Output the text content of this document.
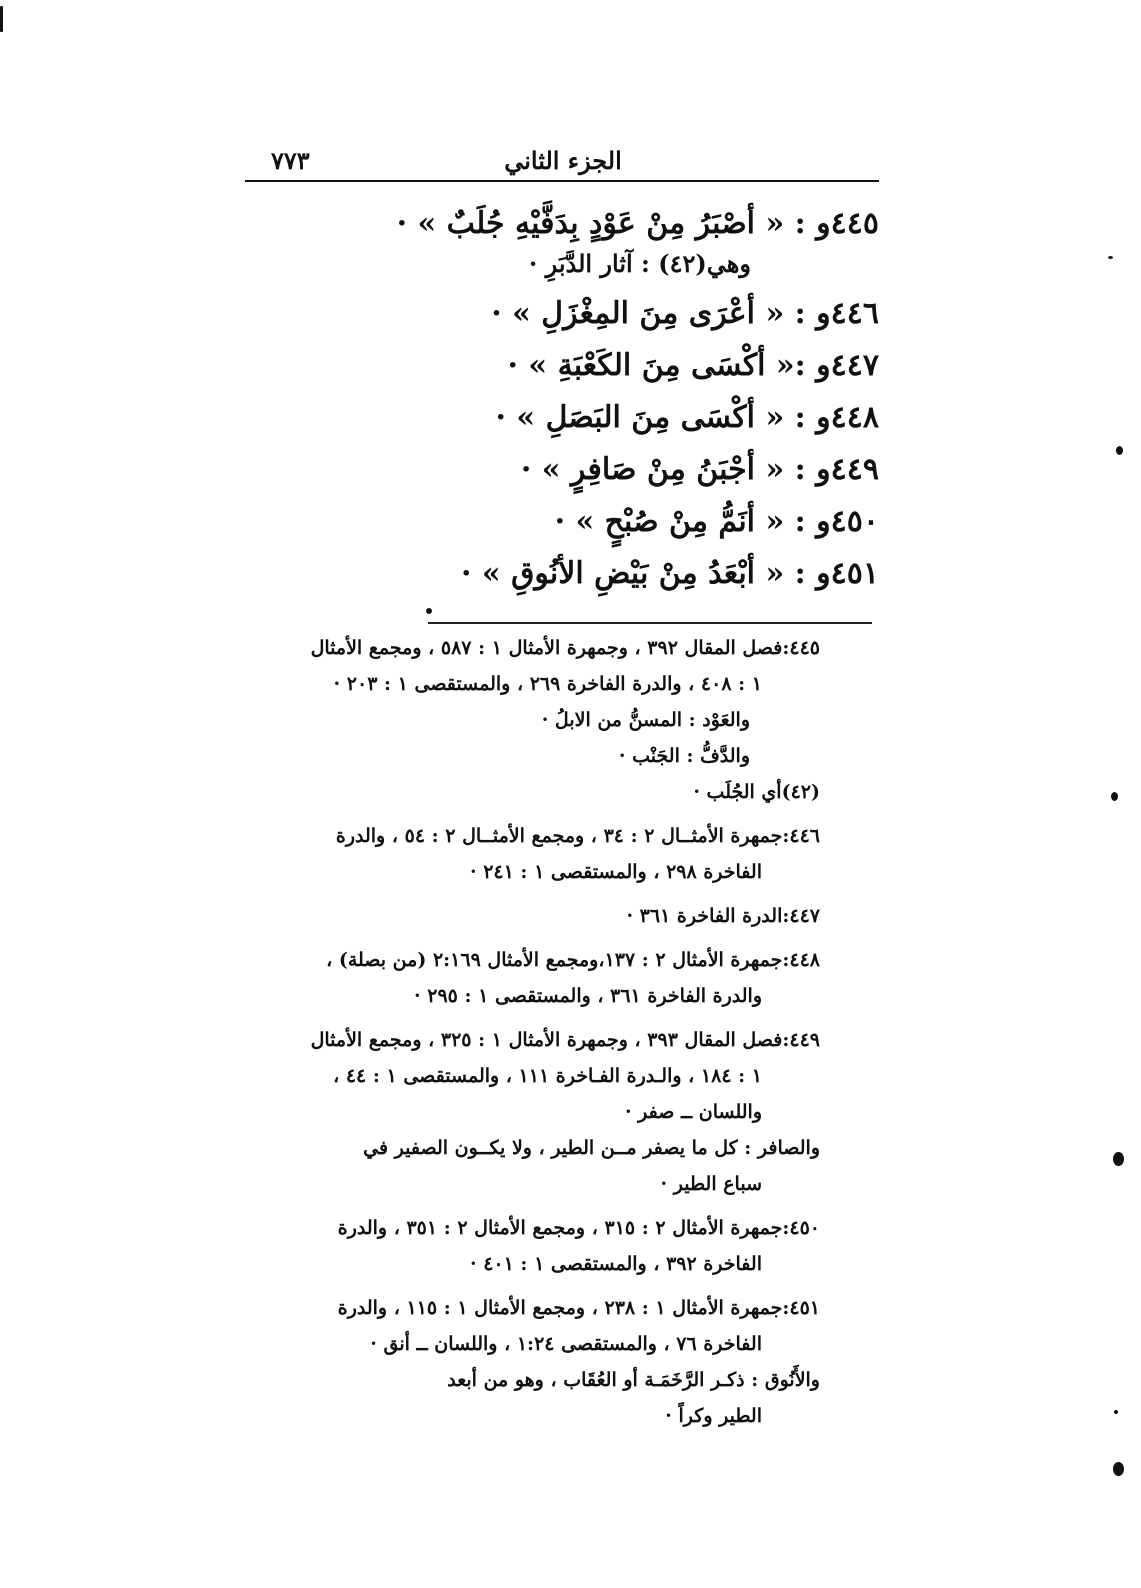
٧٧٣	الجزء الثاني
٤٤٥و : « أصْبَرُ مِنْ عَوْدٍ بِدَفَّيْهِ جُلَبٌ » ·
وهي(٤٢) : آثار الدَّبَرِ ·
٤٤٦و : « أعْرَى مِنَ المِغْزَلِ » ·
٤٤٧و :« أكْسَى مِنَ الكَعْبَةِ » ·
٤٤٨و : « أكْسَى مِنَ البَصَلِ » ·
٤٤٩و : « أجْبَنُ مِنْ صَافِرٍ » ·
٤٥٠و : « أنَمُّ مِنْ صُبْحٍ » ·
٤٥١و : « أبْعَدُ مِنْ بَيْضِ الأنُوقِ » ·
٤٤٥:فصل المقال ٣٩٢ ، وجمهرة الأمثال ١ : ٥٨٧ ، ومجمع الأمثال
١ : ٤٠٨ ، والدرة الفاخرة ٢٦٩ ، والمستقصى ١ : ٢٠٣ ·
والعَوْد : المسنُّ من الابلُ ·
والدَّفُّ : الجَنْب ·
(٤٢)أي الجُلَب ·
٤٤٦:جمهرة الأمثــال ٢ : ٣٤ ، ومجمع الأمثــال ٢ : ٥٤ ، والدرة
الفاخرة ٢٩٨ ، والمستقصى ١ : ٢٤١ ·
٤٤٧:الدرة الفاخرة ٣٦١ ·
٤٤٨:جمهرة الأمثال ٢ : ١٣٧،ومجمع الأمثال ٢:١٦٩ (من بصلة) ،
والدرة الفاخرة ٣٦١ ، والمستقصى ١ : ٢٩٥ ·
٤٤٩:فصل المقال ٣٩٣ ، وجمهرة الأمثال ١ : ٣٢٥ ، ومجمع الأمثال
١ : ١٨٤ ، والـدرة الفـاخرة ١١١ ، والمستقصى ١ : ٤٤ ،
واللسان ــ صفر ·
والصافر : كل ما يصفر مــن الطير ، ولا يكــون الصفير في
سباع الطير ·
٤٥٠:جمهرة الأمثال ٢ : ٣١٥ ، ومجمع الأمثال ٢ : ٣٥١ ، والدرة
الفاخرة ٣٩٢ ، والمستقصى ١ : ٤٠١ ·
٤٥١:جمهرة الأمثال ١ : ٢٣٨ ، ومجمع الأمثال ١ : ١١٥ ، والدرة
الفاخرة ٧٦ ، والمستقصى ١:٢٤ ، واللسان ــ أنق ·
والأَنُوق : ذكـر الرَّخَمَـة أو العُقَاب ، وهو من أبعد
الطير وكراً ·
